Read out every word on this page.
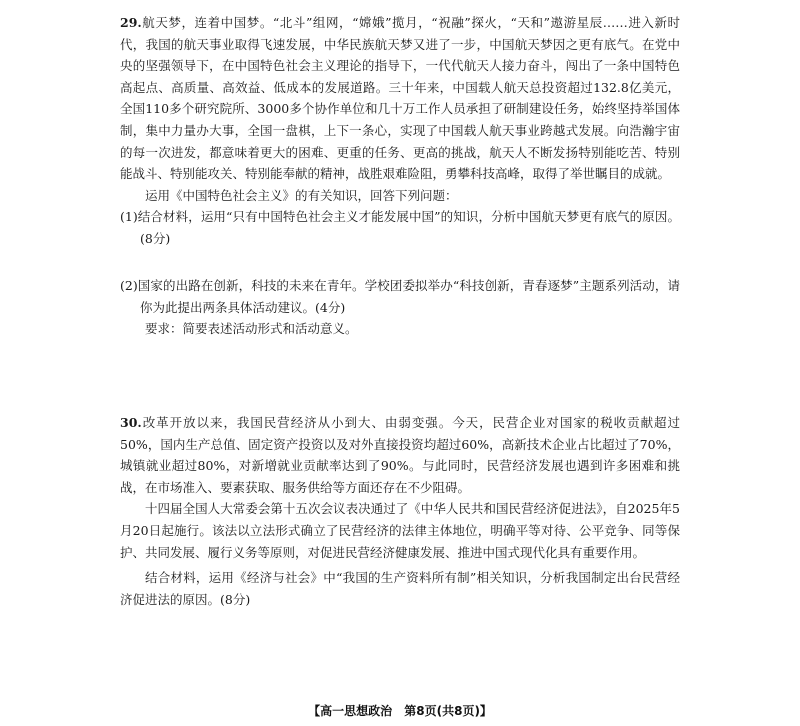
29.航天梦，连着中国梦。“北斗”组网，“嫦娥”揽月，“祝融”探火，“天和”遨游星辰……进入新时代，我国的航天事业取得飞速发展，中华民族航天梦又进了一步，中国航天梦因之更有底气。在党中央的坚强领导下，在中国特色社会主义理论的指导下，一代代航天人接力奋斗，闯出了一条中国特色高起点、高质量、高效益、低成本的发展道路。三十年来，中国载人航天总投资超过132.8亿美元，全国110多个研究院所、3000多个协作单位和几十万工作人员承担了研制建设任务，始终坚持举国体制，集中力量办大事，全国一盘棋，上下一条心，实现了中国载人航天事业跨越式发展。向浩瀚宇宙的每一次进发，都意味着更大的困难、更重的任务、更高的挑战，航天人不断发扬特别能吃苦、特别能战斗、特别能攻关、特别能奉献的精神，战胜艰难险阻，勇攀科技高峰，取得了举世瞩目的成就。

运用《中国特色社会主义》的有关知识，回答下列问题：

(1)结合材料，运用“只有中国特色社会主义才能发展中国”的知识，分析中国航天梦更有底气的原因。(8分)

(2)国家的出路在创新，科技的未来在青年。学校团委拟举办“科技创新，青春逐梦”主题系列活动，请你为此提出两条具体活动建议。(4分)

要求：简要表述活动形式和活动意义。

30.改革开放以来，我国民营经济从小到大、由弱变强。今天，民营企业对国家的税收贡献超过50%，国内生产总值、固定资产投资以及对外直接投资均超过60%，高新技术企业占比超过了70%，城镇就业超过80%，对新增就业贡献率达到了90%。与此同时，民营经济发展也遇到许多困难和挑战，在市场准入、要素获取、服务供给等方面还存在不少阻碍。

十四届全国人大常委会第十五次会议表决通过了《中华人民共和国民营经济促进法》，自2025年5月20日起施行。该法以立法形式确立了民营经济的法律主体地位，明确平等对待、公平竞争、同等保护、共同发展、履行义务等原则，对促进民营经济健康发展、推进中国式现代化具有重要作用。

结合材料，运用《经济与社会》中“我国的生产资料所有制”相关知识，分析我国制定出台民营经济促进法的原因。(8分)

【高一思想政治 第8页(共8页)】
